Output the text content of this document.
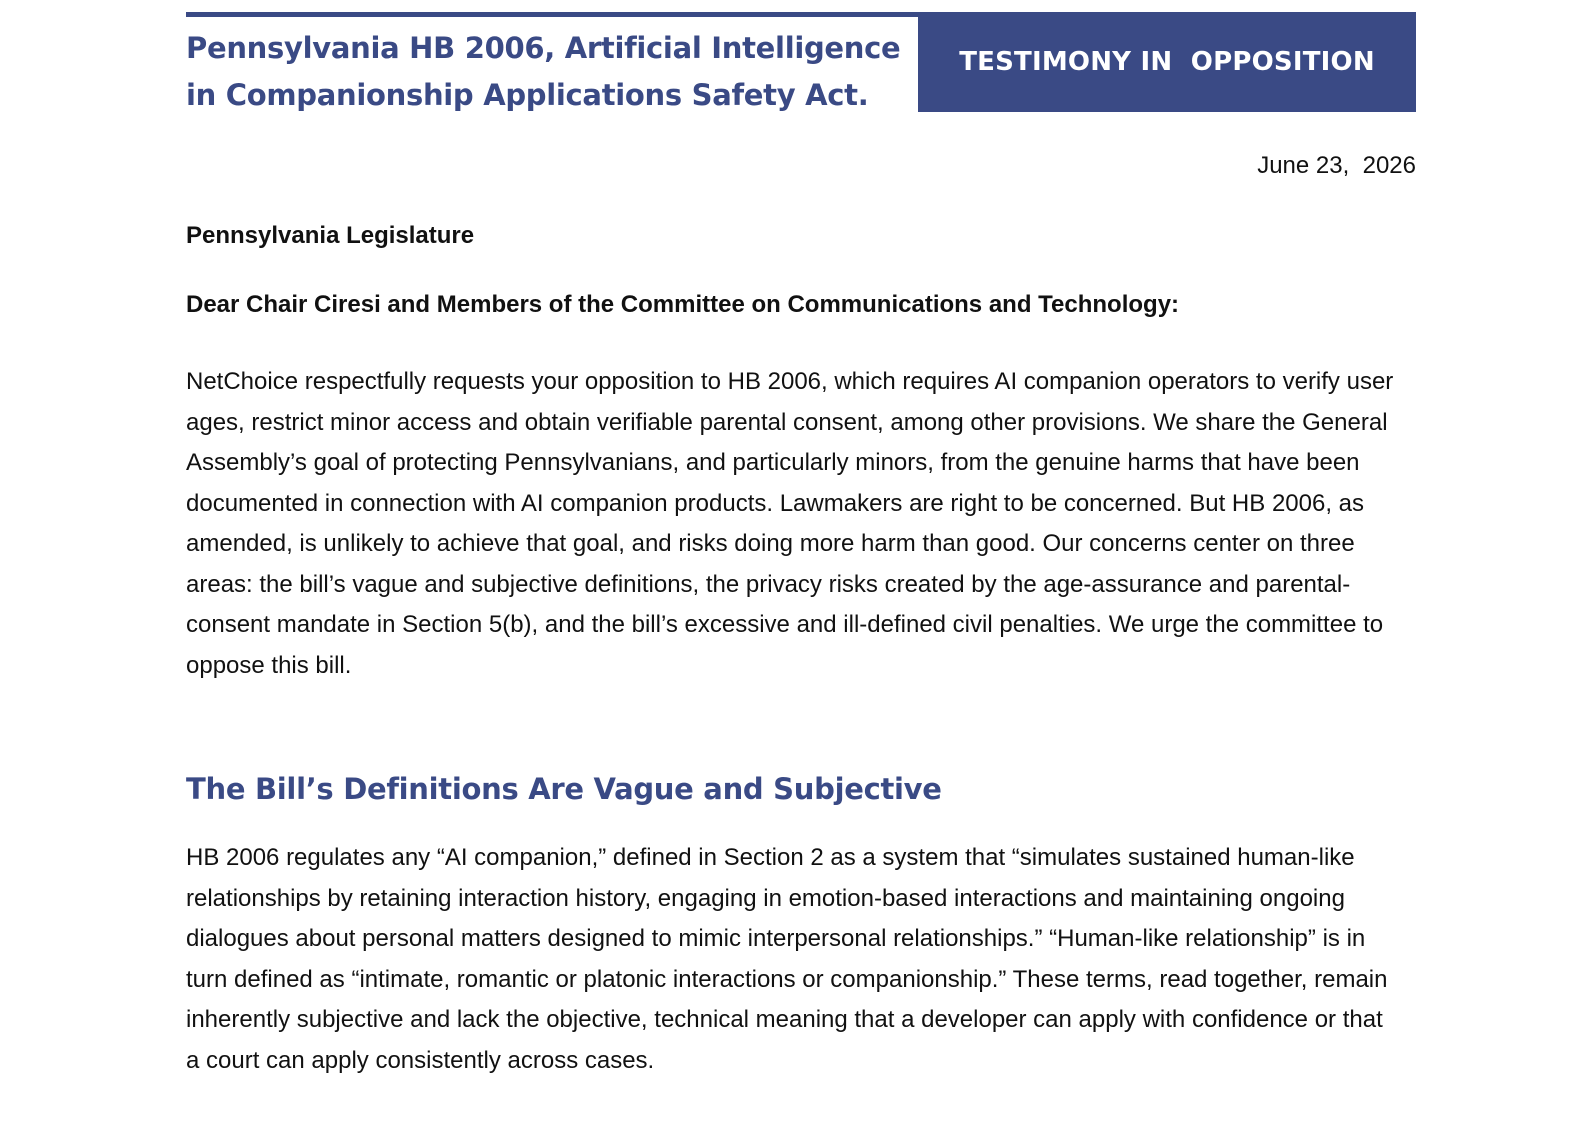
Pennsylvania HB 2006, Artificial Intelligence
in Companionship Applications Safety Act.
TESTIMONY IN  OPPOSITION
June 23,  2026
Pennsylvania Legislature
Dear Chair Ciresi and Members of the Committee on Communications and Technology:

NetChoice respectfully requests your opposition to HB 2006, which requires AI companion operators to verify user ages, restrict minor access and obtain verifiable parental consent, among other provisions. We share the General Assembly’s goal of protecting Pennsylvanians, and particularly minors, from the genuine harms that have been documented in connection with AI companion products. Lawmakers are right to be concerned. But HB 2006, as amended, is unlikely to achieve that goal, and risks doing more harm than good. Our concerns center on three areas: the bill’s vague and subjective definitions, the privacy risks created by the age-assurance and parental-consent mandate in Section 5(b), and the bill’s excessive and ill-defined civil penalties. We urge the committee to oppose this bill.

The Bill’s Definitions Are Vague and Subjective

HB 2006 regulates any “AI companion,” defined in Section 2 as a system that “simulates sustained human-like relationships by retaining interaction history, engaging in emotion-based interactions and maintaining ongoing dialogues about personal matters designed to mimic interpersonal relationships.” “Human-like relationship” is in turn defined as “intimate, romantic or platonic interactions or companionship.” These terms, read together, remain inherently subjective and lack the objective, technical meaning that a developer can apply with confidence or that a court can apply consistently across cases.
